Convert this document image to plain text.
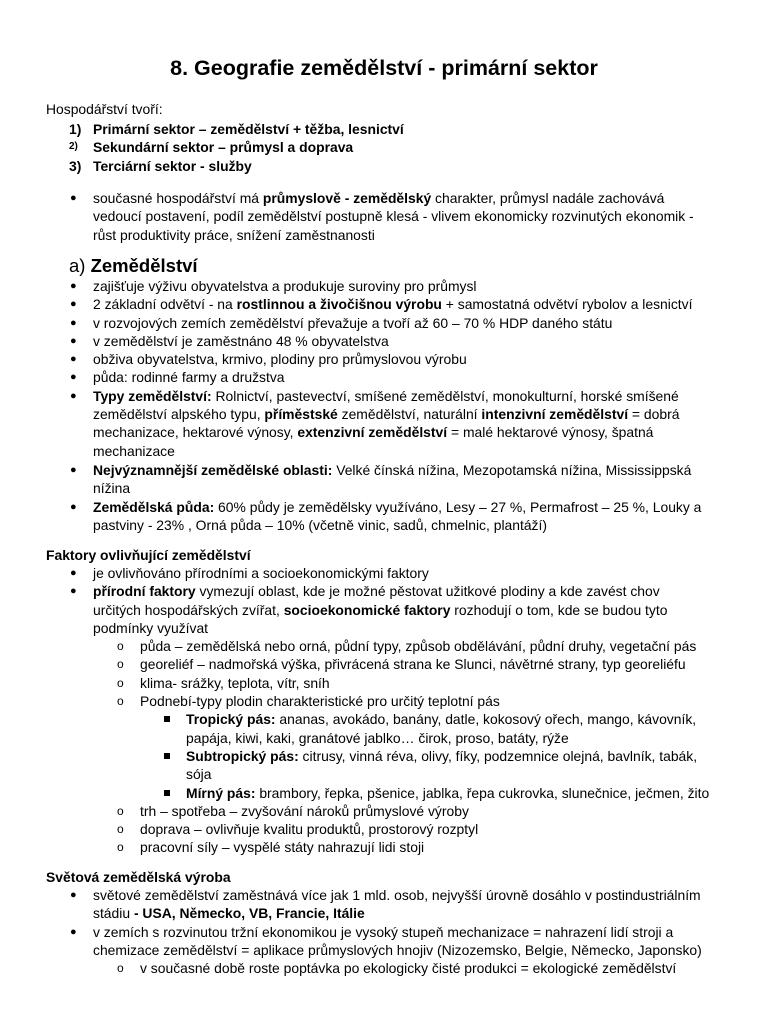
8. Geografie zemědělství - primární sektor
Hospodářství tvoří:
1) Primární sektor – zemědělství + těžba, lesnictví

2) Sekundární sektor – průmysl a doprava

3) Terciární sektor - služby

● současné hospodářství má průmyslově - zemědělský charakter, průmysl nadále zachovává
vedoucí postavení, podíl zemědělství postupně klesá - vlivem ekonomicky rozvinutých ekonomik -
růst produktivity práce, snížení zaměstnanosti
a) Zemědělství
● zajišťuje výživu obyvatelstva a produkuje suroviny pro průmysl
● 2 základní odvětví - na rostlinnou a živočišnou výrobu + samostatná odvětví rybolov a lesnictví
● v rozvojových zemích zemědělství převažuje a tvoří až 60 – 70 % HDP daného státu
● v zemědělství je zaměstnáno 48 % obyvatelstva
● obživa obyvatelstva, krmivo, plodiny pro průmyslovou výrobu
● půda: rodinné farmy a družstva
● Typy zemědělství: Rolnictví, pastevectví, smíšené zemědělství, monokulturní, horské smíšené
zemědělství alpského typu, příměstské zemědělství, naturální intenzivní zemědělství = dobrá
mechanizace, hektarové výnosy, extenzivní zemědělství = malé hektarové výnosy, špatná
mechanizace
● Nejvýznamnější zemědělské oblasti: Velké čínská nížina, Mezopotamská nížina, Mississippská
nížina
● Zemědělská půda: 60% půdy je zemědělsky využíváno, Lesy – 27 %, Permafrost – 25 %, Louky a
pastviny - 23% , Orná půda – 10% (včetně vinic, sadů, chmelnic, plantáží)
Faktory ovlivňující zemědělství
● je ovlivňováno přírodními a socioekonomickými faktory
● přírodní faktory vymezují oblast, kde je možné pěstovat užitkové plodiny a kde zavést chov
určitých hospodářských zvířat, socioekonomické faktory rozhodují o tom, kde se budou tyto
podmínky využívat
o půda – zemědělská nebo orná, půdní typy, způsob obdělávání, půdní druhy, vegetační pás
o georeliéf – nadmořská výška, přivrácená strana ke Slunci, návětrné strany, typ georeliéfu
o klima- srážky, teplota, vítr, sníh
o Podnebí-typy plodin charakteristické pro určitý teplotní pás
Tropický pás: ananas, avokádo, banány, datle, kokosový ořech, mango, kávovník,
papája, kiwi, kaki, granátové jablko… čirok, proso, batáty, rýže
Subtropický pás: citrusy, vinná réva, olivy, fíky, podzemnice olejná, bavlník, tabák,
sója
Mírný pás: brambory, řepka, pšenice, jablka, řepa cukrovka, slunečnice, ječmen, žito
o trh – spotřeba – zvyšování nároků průmyslové výroby
o doprava – ovlivňuje kvalitu produktů, prostorový rozptyl
o pracovní síly – vyspělé státy nahrazují lidi stoji
Světová zemědělská výroba
● světové zemědělství zaměstnává více jak 1 mld. osob, nejvyšší úrovně dosáhlo v postindustriálním
stádiu - USA, Německo, VB, Francie, Itálie
● v zemích s rozvinutou tržní ekonomikou je vysoký stupeň mechanizace = nahrazení lidí stroji a
chemizace zemědělství = aplikace průmyslových hnojiv (Nizozemsko, Belgie, Německo, Japonsko)
o v současné době roste poptávka po ekologicky čisté produkci = ekologické zemědělství
